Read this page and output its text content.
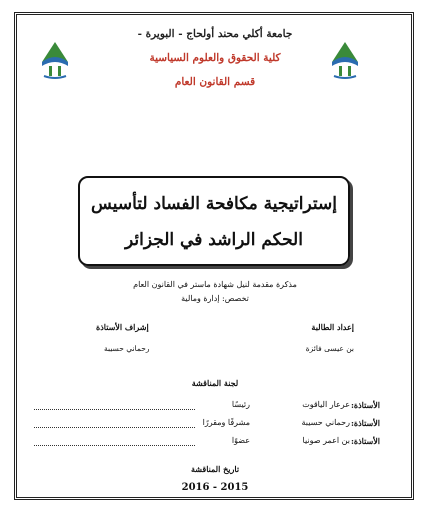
جامعة أكلي محند أولحاج - البويرة -
كلية الحقوق والعلوم السياسية
قسم القانون العام
إستراتيجية مكافحة الفساد لتأسيس
الحكم الراشد في الجزائر
مذكرة مقدمة لنيل شهادة ماستر في القانون العام
تخصص: إدارة ومالية
إعداد الطالبة
بن عيسى فائزة
إشراف الأستاذة
رحماني حسيبة
لجنة المناقشة
الأستاذة:
عرعار الياقوت
رئيسًا
الأستاذة:
رحماني حسيبة
مشرفًا ومقررًا
الأستاذة:
بن اعمر صونيا
عضوًا
تاريخ المناقشة
2016 - 2015
